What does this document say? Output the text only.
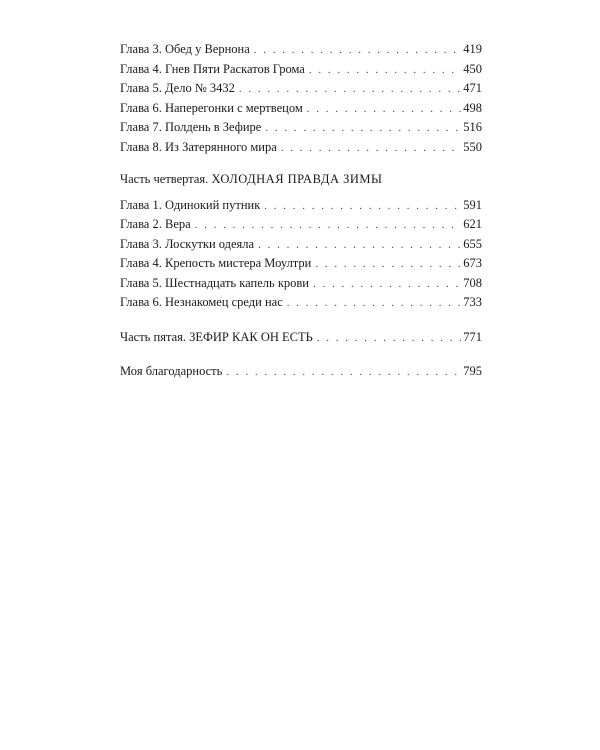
Глава 3. Обед у Вернона . . .	419
Глава 4. Гнев Пяти Раскатов Грома . . .	450
Глава 5. Дело № 3432 . . .	471
Глава 6. Наперегонки с мертвецом . . .	498
Глава 7. Полдень в Зефире . . .	516
Глава 8. Из Затерянного мира . . .	550
Часть четвертая. ХОЛОДНАЯ ПРАВДА ЗИМЫ
Глава 1. Одинокий путник . . .	591
Глава 2. Вера . . .	621
Глава 3. Лоскутки одеяла . . .	655
Глава 4. Крепость мистера Моултри . . .	673
Глава 5. Шестнадцать капель крови . . .	708
Глава 6. Незнакомец среди нас . . .	733
Часть пятая. ЗЕФИР КАК ОН ЕСТЬ . . .	771
Моя благодарность . . .	795
